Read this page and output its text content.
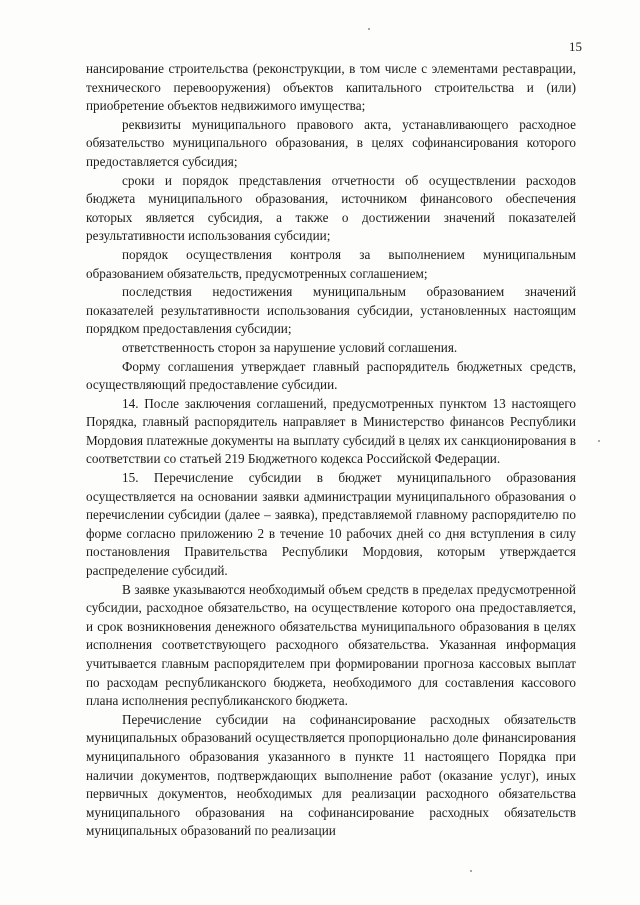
15

нансирование строительства (реконструкции, в том числе с элементами реставрации, технического перевооружения) объектов капитального строительства и (или) приобретение объектов недвижимого имущества;

реквизиты муниципального правового акта, устанавливающего расходное обязательство муниципального образования, в целях софинансирования которого предоставляется субсидия;

сроки и порядок представления отчетности об осуществлении расходов бюджета муниципального образования, источником финансового обеспечения которых является субсидия, а также о достижении значений показателей результативности использования субсидии;

порядок осуществления контроля за выполнением муниципальным образованием обязательств, предусмотренных соглашением;

последствия недостижения муниципальным образованием значений показателей результативности использования субсидии, установленных настоящим порядком предоставления субсидии;

ответственность сторон за нарушение условий соглашения.

Форму соглашения утверждает главный распорядитель бюджетных средств, осуществляющий предоставление субсидии.

14. После заключения соглашений, предусмотренных пунктом 13 настоящего Порядка, главный распорядитель направляет в Министерство финансов Республики Мордовия платежные документы на выплату субсидий в целях их санкционирования в соответствии со статьей 219 Бюджетного кодекса Российской Федерации.

15. Перечисление субсидии в бюджет муниципального образования осуществляется на основании заявки администрации муниципального образования о перечислении субсидии (далее – заявка), представляемой главному распорядителю по форме согласно приложению 2 в течение 10 рабочих дней со дня вступления в силу постановления Правительства Республики Мордовия, которым утверждается распределение субсидий.

В заявке указываются необходимый объем средств в пределах предусмотренной субсидии, расходное обязательство, на осуществление которого она предоставляется, и срок возникновения денежного обязательства муниципального образования в целях исполнения соответствующего расходного обязательства. Указанная информация учитывается главным распорядителем при формировании прогноза кассовых выплат по расходам республиканского бюджета, необходимого для составления кассового плана исполнения республиканского бюджета.

Перечисление субсидии на софинансирование расходных обязательств муниципальных образований осуществляется пропорционально доле финансирования муниципального образования указанного в пункте 11 настоящего Порядка при наличии документов, подтверждающих выполнение работ (оказание услуг), иных первичных документов, необходимых для реализации расходного обязательства муниципального образования на софинансирование расходных обязательств муниципальных образований по реализации
